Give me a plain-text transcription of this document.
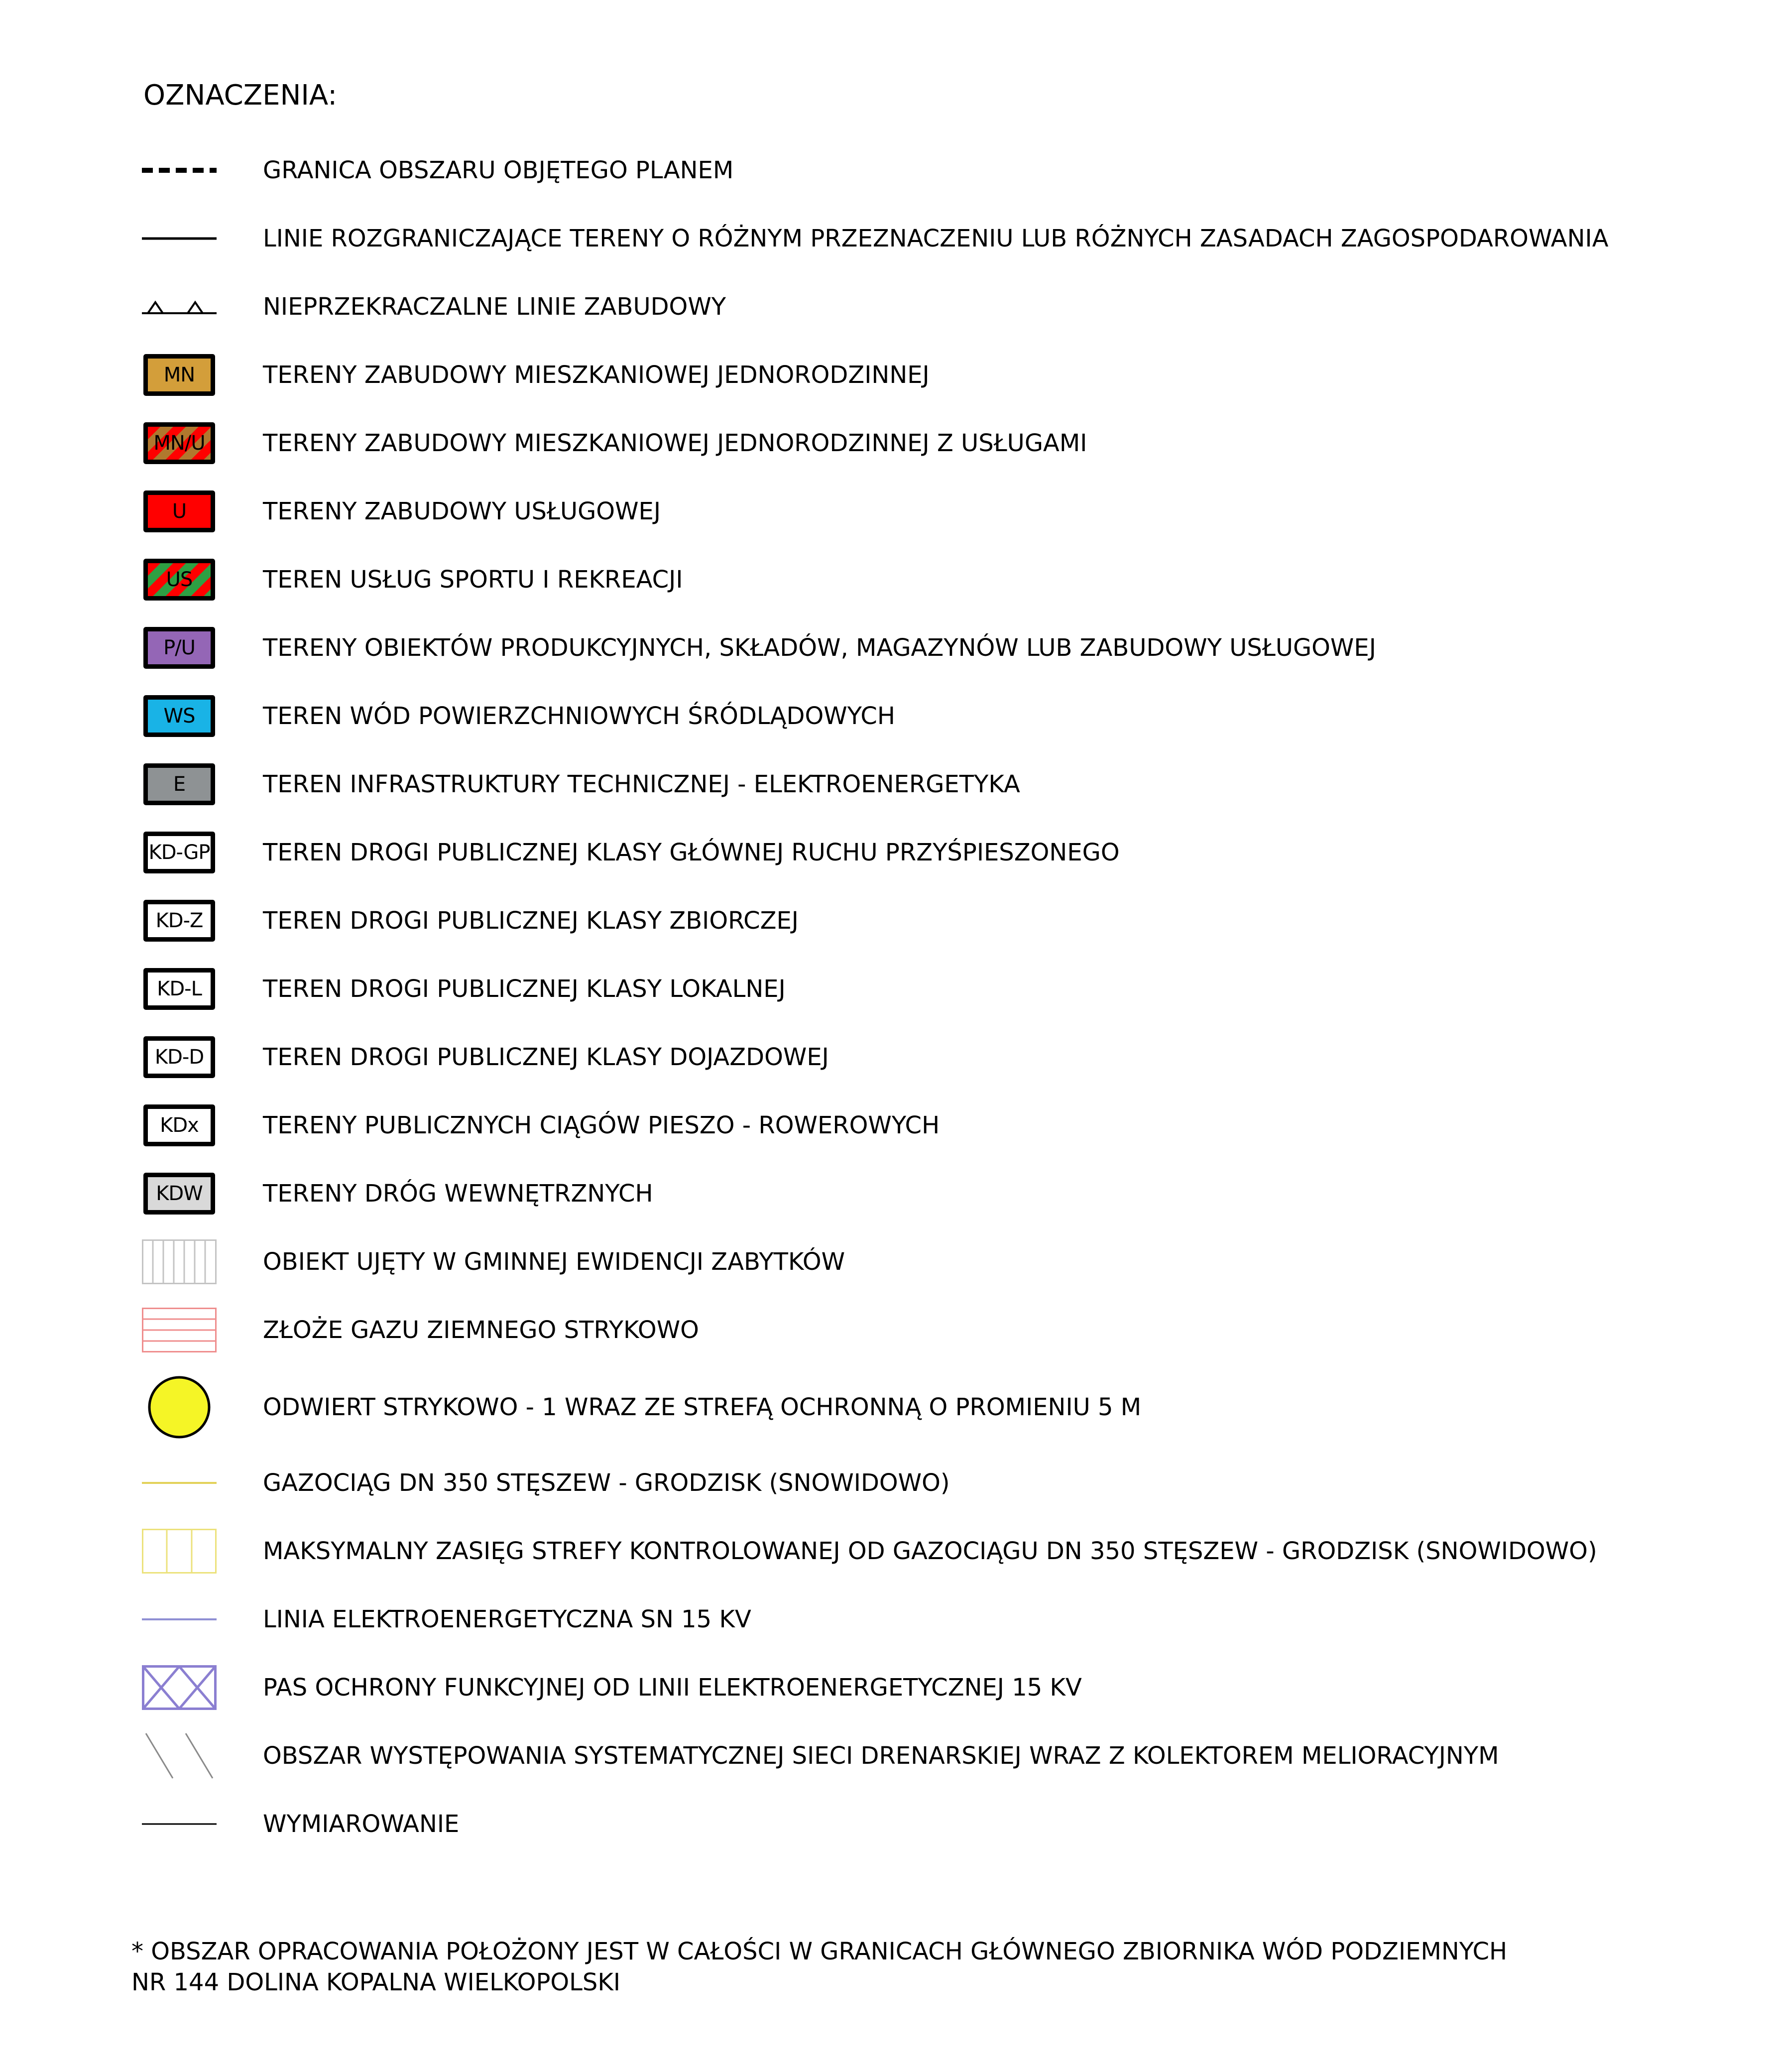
OZNACZENIA:
GRANICA OBSZARU OBJĘTEGO PLANEM
LINIE ROZGRANICZAJĄCE TERENY O RÓŻNYM PRZEZNACZENIU LUB RÓŻNYCH ZASADACH ZAGOSPODAROWANIA
NIEPRZEKRACZALNE LINIE ZABUDOWY
MN	TERENY ZABUDOWY MIESZKANIOWEJ JEDNORODZINNEJ
MN/U TERENY ZABUDOWY MIESZKANIOWEJ JEDNORODZINNEJ Z USŁUGAMI
U	TERENY ZABUDOWY USŁUGOWEJ
US	TEREN USŁUG SPORTU I REKREACJI
P/U	TERENY OBIEKTÓW PRODUKCYJNYCH, SKŁADÓW, MAGAZYNÓW LUB ZABUDOWY USŁUGOWEJ
WS	TEREN WÓD POWIERZCHNIOWYCH ŚRÓDLĄDOWYCH
E	TEREN INFRASTRUKTURY TECHNICZNEJ - ELEKTROENERGETYKA
KD-GP TEREN DROGI PUBLICZNEJ KLASY GŁÓWNEJ RUCHU PRZYŚPIESZONEGO
KD-Z	TEREN DROGI PUBLICZNEJ KLASY ZBIORCZEJ
KD-L	TEREN DROGI PUBLICZNEJ KLASY LOKALNEJ
KD-D TEREN DROGI PUBLICZNEJ KLASY DOJAZDOWEJ
KDx	TERENY PUBLICZNYCH CIĄGÓW PIESZO - ROWEROWYCH
KDW	TERENY DRÓG WEWNĘTRZNYCH
OBIEKT UJĘTY W GMINNEJ EWIDENCJI ZABYTKÓW
ZŁOŻE GAZU ZIEMNEGO STRYKOWO
ODWIERT STRYKOWO - 1 WRAZ ZE STREFĄ OCHRONNĄ O PROMIENIU 5 M
GAZOCIĄG DN 350 STĘSZEW - GRODZISK (SNOWIDOWO)
MAKSYMALNY ZASIĘG STREFY KONTROLOWANEJ OD GAZOCIĄGU DN 350 STĘSZEW - GRODZISK (SNOWIDOWO)
LINIA ELEKTROENERGETYCZNA SN 15 KV
PAS OCHRONY FUNKCYJNEJ OD LINII ELEKTROENERGETYCZNEJ 15 KV
OBSZAR WYSTĘPOWANIA SYSTEMATYCZNEJ SIECI DRENARSKIEJ WRAZ Z KOLEKTOREM MELIORACYJNYM
WYMIAROWANIE
* OBSZAR OPRACOWANIA POŁOŻONY JEST W CAŁOŚCI W GRANICACH GŁÓWNEGO ZBIORNIKA WÓD PODZIEMNYCH
NR 144 DOLINA KOPALNA WIELKOPOLSKI
